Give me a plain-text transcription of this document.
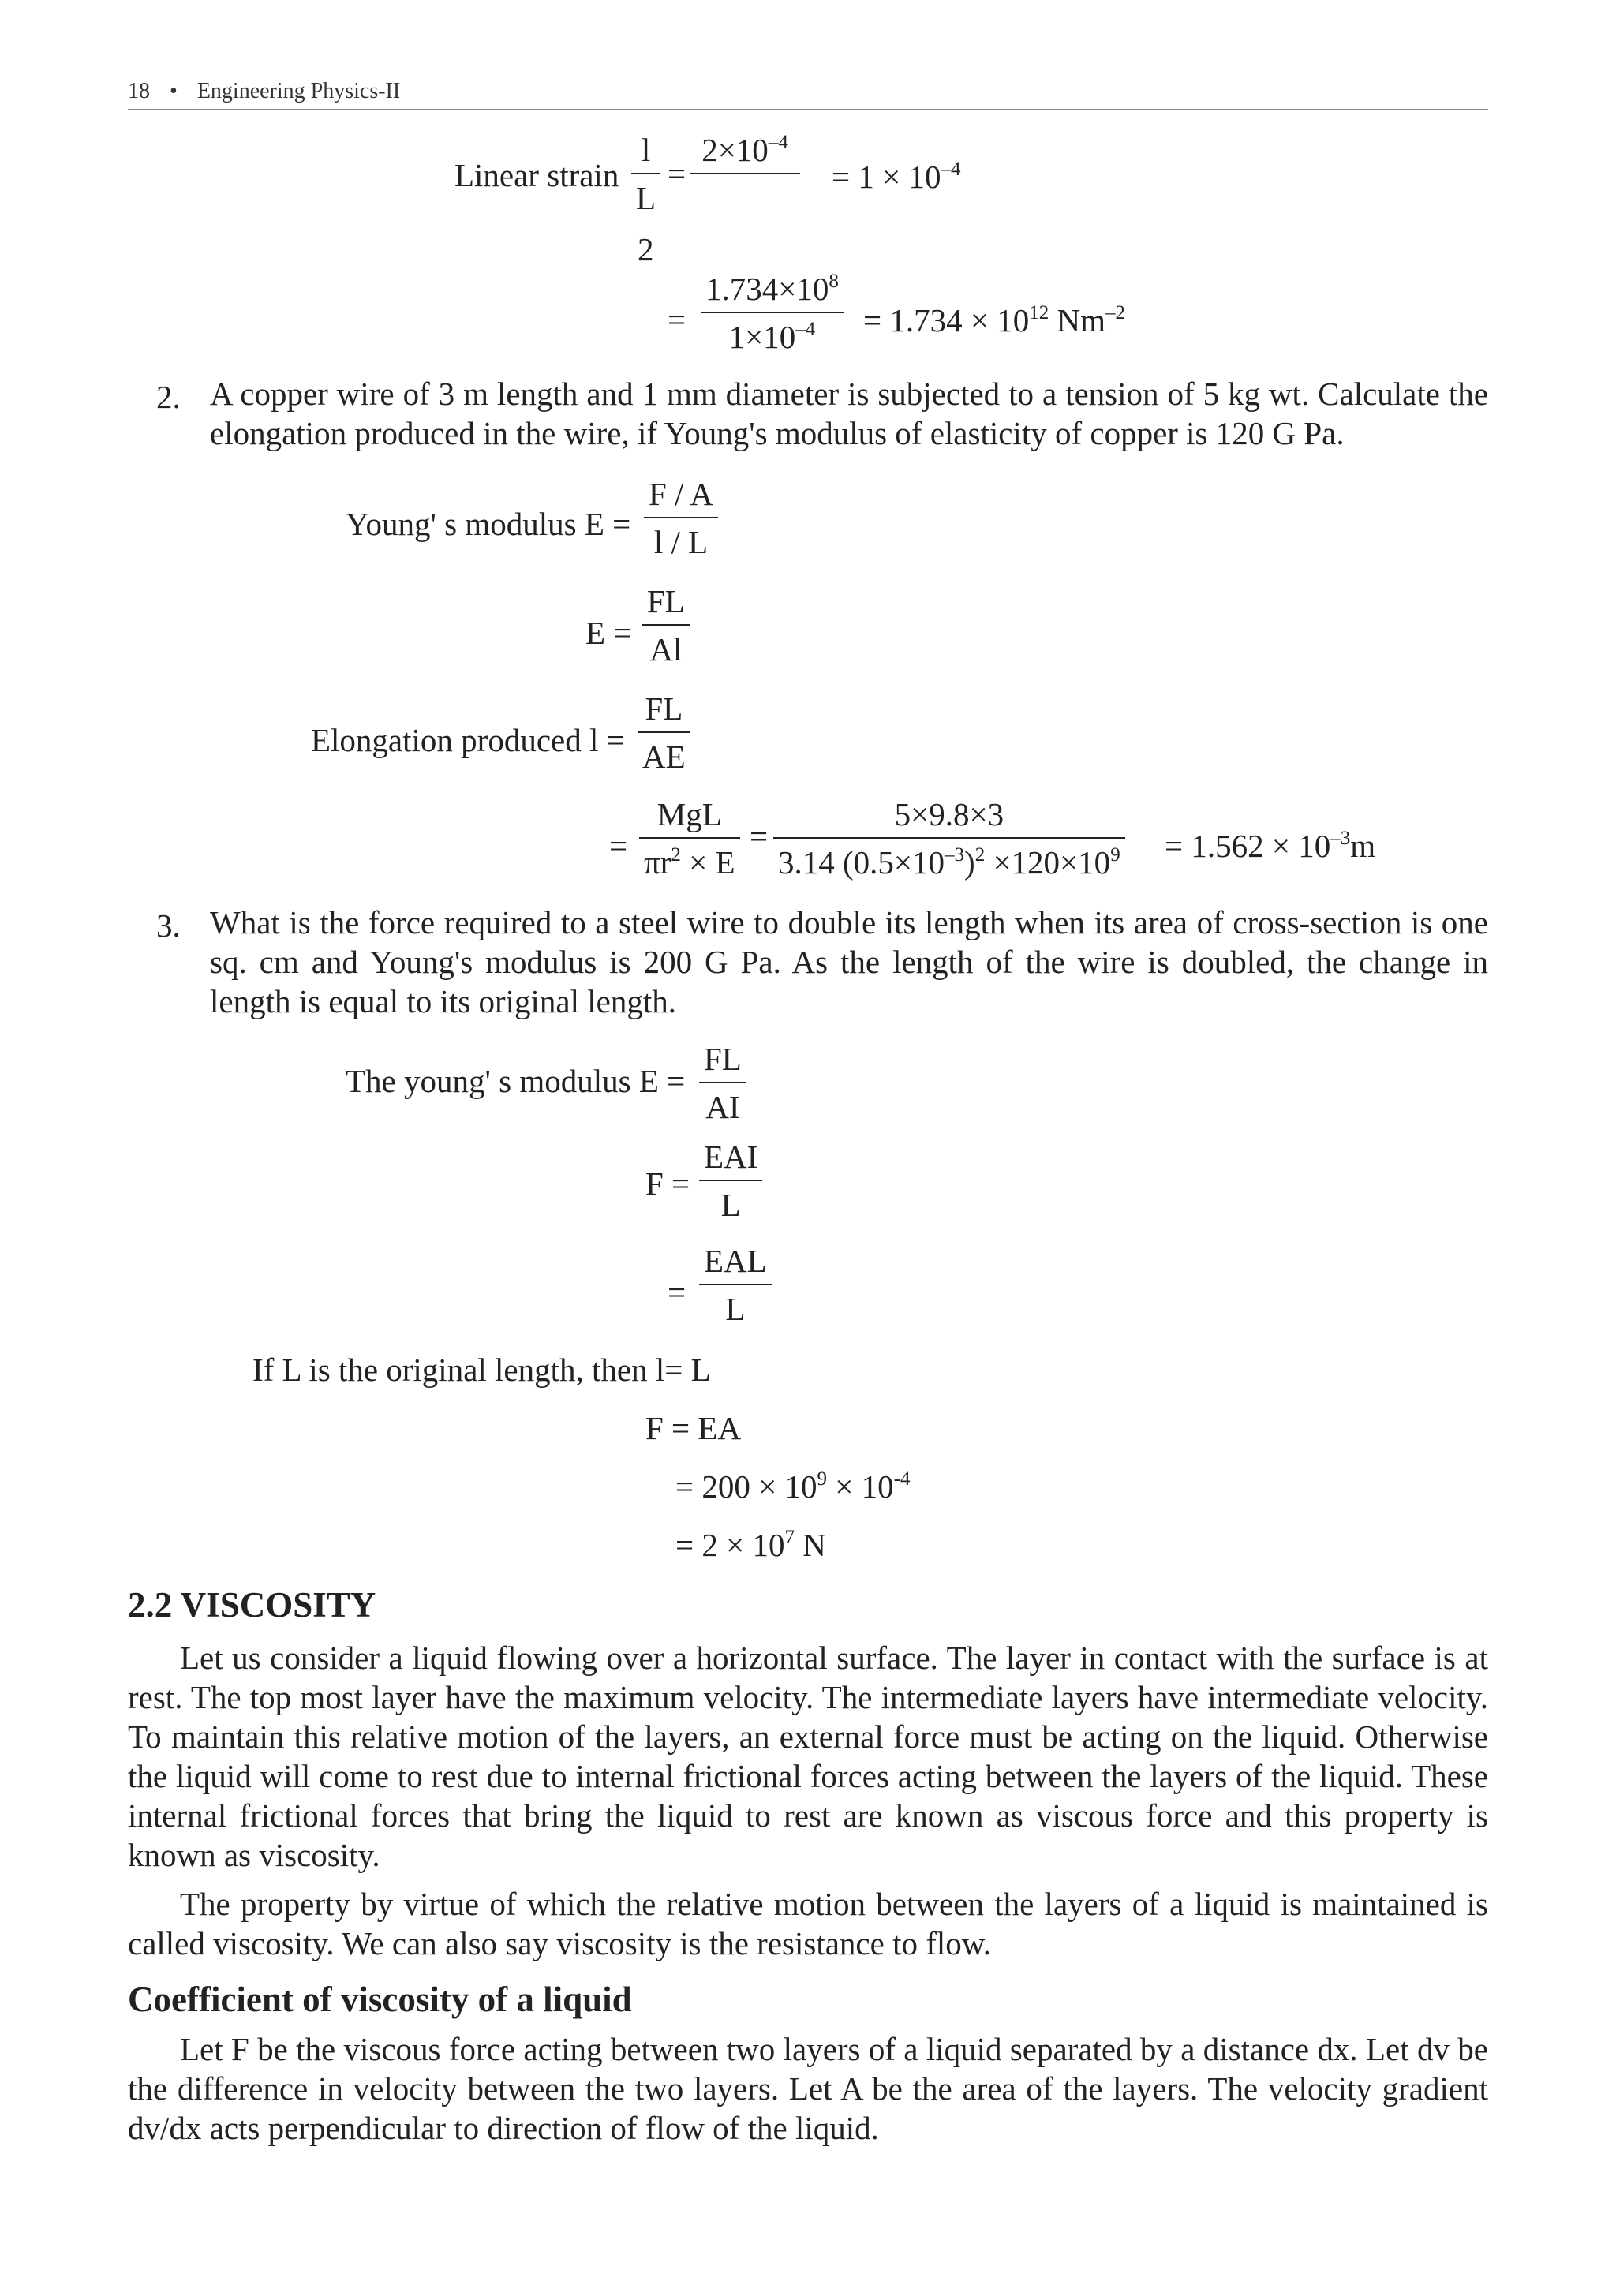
18 • Engineering Physics-II
Linear strain
l
L
=
$2\times 10^{-4}$
= $1 \times 10^{-4}$
2
=
$1.734\times 10^8$
$1\times 10^{-4} = 1.734 \times 10^{12}$ $Nm^{-2}$
2. A copper wire of 3 m length and 1 mm diameter is subjected to a tension of 5 kg wt. Calculate the elongation produced in the wire, if Young's modulus of elasticity of copper is 120 G Pa.
Young' s modulus E =
F / A
l / L
E =
FL
Al
Elongation produced l =
FL
AE
=
MgL
$\pi r^2 \times E$
=
5×9.8×3
3.14 $(0.5\times 10^{-3})^2 \times 120\times 10^9 = 1.562 \times 10^{-3}m$
3. What is the force required to a steel wire to double its length when its area of cross-section is one sq. cm and Young's modulus is 200 G Pa. As the length of the wire is doubled, the change in length is equal to its original length.
The young' s modulus E =
FL
AI
F =
EAI
L
=
EAL
L
If L is the original length, then l= L
F = EA
= $200 \times 10^9 \times 10^{-4}$
= $2 \times 10^7$ N
2.2 VISCOSITY
Let us consider a liquid flowing over a horizontal surface. The layer in contact with the surface is at rest. The top most layer have the maximum velocity. The intermediate layers have intermediate velocity. To maintain this relative motion of the layers, an external force must be acting on the liquid. Otherwise the liquid will come to rest due to internal frictional forces acting between the layers of the liquid. These internal frictional forces that bring the liquid to rest are known as viscous force and this property is known as viscosity.
The property by virtue of which the relative motion between the layers of a liquid is maintained is called viscosity. We can also say viscosity is the resistance to flow.
Coefficient of viscosity of a liquid
Let F be the viscous force acting between two layers of a liquid separated by a distance dx. Let dv be the difference in velocity between the two layers. Let A be the area of the layers. The velocity gradient dv/dx acts perpendicular to direction of flow of the liquid.
